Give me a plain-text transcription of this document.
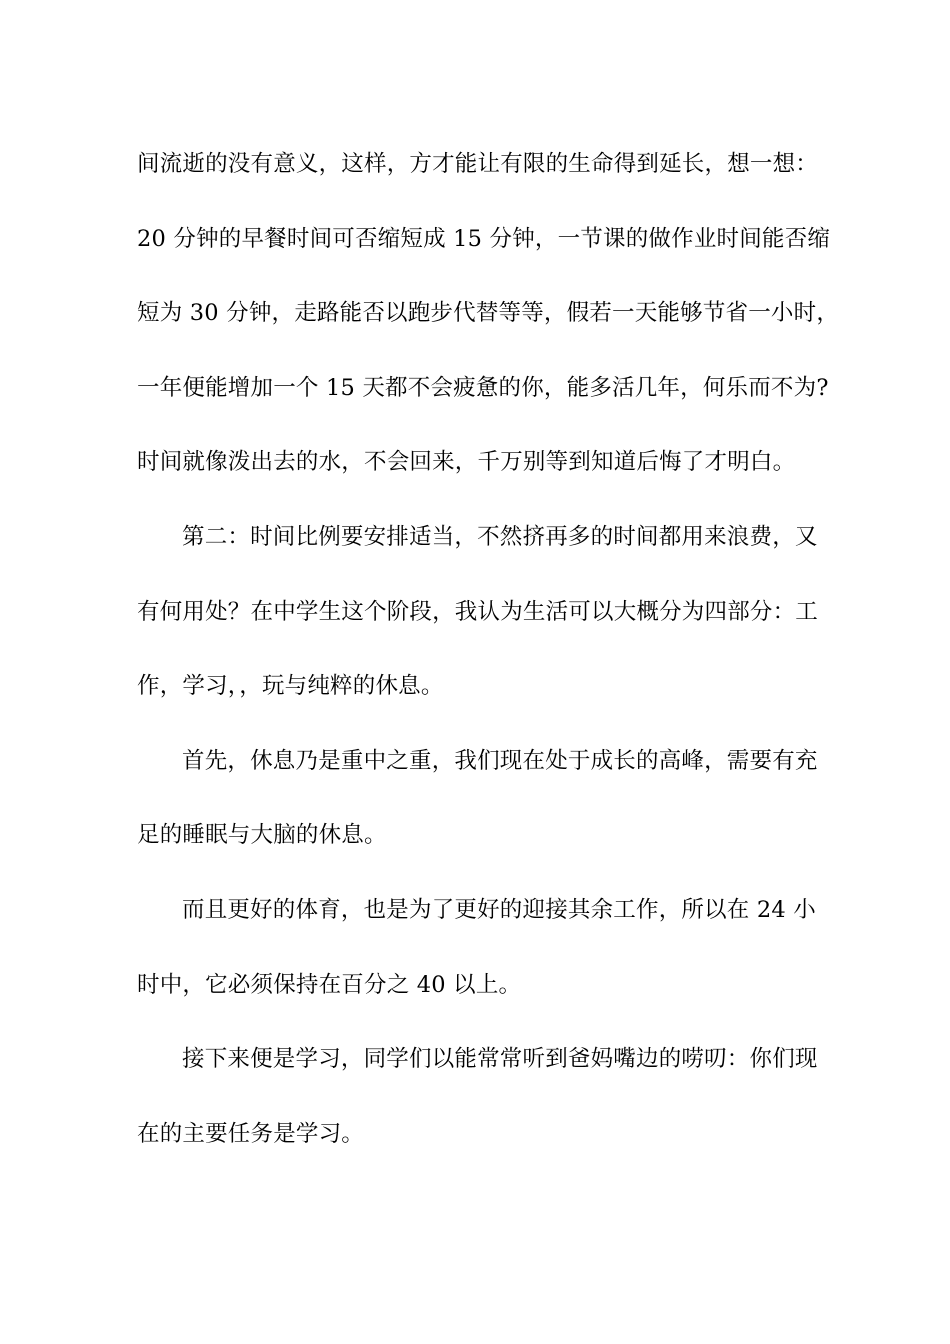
间流逝的没有意义，这样，方才能让有限的生命得到延长，想一想：
20 分钟的早餐时间可否缩短成 15 分钟，一节课的做作业时间能否缩
短为 30 分钟，走路能否以跑步代替等等，假若一天能够节省一小时，
一年便能增加一个 15 天都不会疲惫的你，能多活几年，何乐而不为?
时间就像泼出去的水，不会回来，千万别等到知道后悔了才明白。
第二：时间比例要安排适当，不然挤再多的时间都用来浪费，又
有何用处？在中学生这个阶段，我认为生活可以大概分为四部分：工
作，学习，，玩与纯粹的休息。
首先，休息乃是重中之重，我们现在处于成长的高峰，需要有充
足的睡眠与大脑的休息。
而且更好的体育，也是为了更好的迎接其余工作，所以在 24 小
时中，它必须保持在百分之 40 以上。
接下来便是学习，同学们以能常常听到爸妈嘴边的唠叨：你们现
在的主要任务是学习。
